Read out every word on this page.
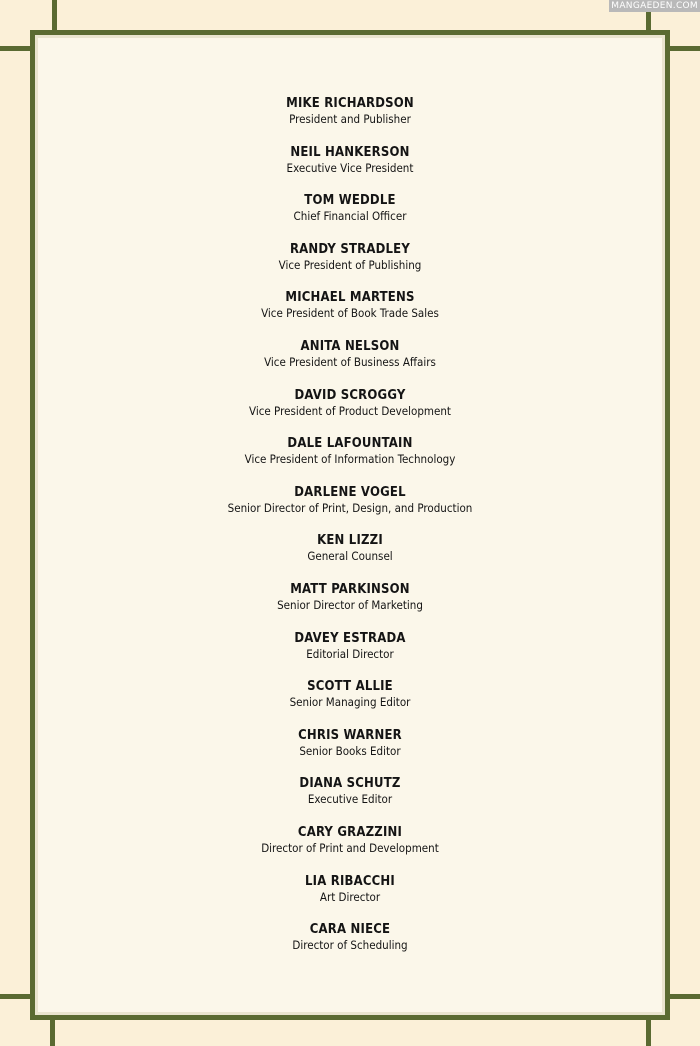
MANGAEDEN.COM
MIKE RICHARDSON
President and Publisher
NEIL HANKERSON
Executive Vice President
TOM WEDDLE
Chief Financial Officer
RANDY STRADLEY
Vice President of Publishing
MICHAEL MARTENS
Vice President of Book Trade Sales
ANITA NELSON
Vice President of Business Affairs
DAVID SCROGGY
Vice President of Product Development
DALE LAFOUNTAIN
Vice President of Information Technology
DARLENE VOGEL
Senior Director of Print, Design, and Production
KEN LIZZI
General Counsel
MATT PARKINSON
Senior Director of Marketing
DAVEY ESTRADA
Editorial Director
SCOTT ALLIE
Senior Managing Editor
CHRIS WARNER
Senior Books Editor
DIANA SCHUTZ
Executive Editor
CARY GRAZZINI
Director of Print and Development
LIA RIBACCHI
Art Director
CARA NIECE
Director of Scheduling
